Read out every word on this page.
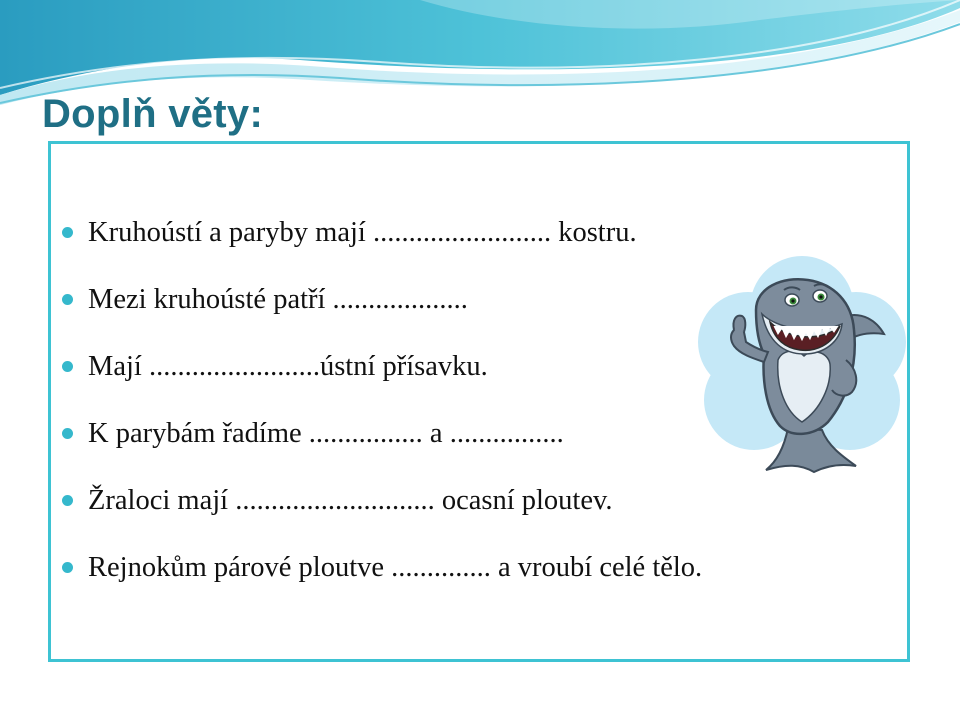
Doplň věty:
Kruhoústí a paryby mají ......................... kostru.
Mezi kruhoústé patří ...................
Mají ........................ústní přísavku.
K parybám řadíme ................ a ................
Žraloci mají ............................ ocasní ploutev.
Rejnokům párové ploutve .............. a vroubí celé tělo.
